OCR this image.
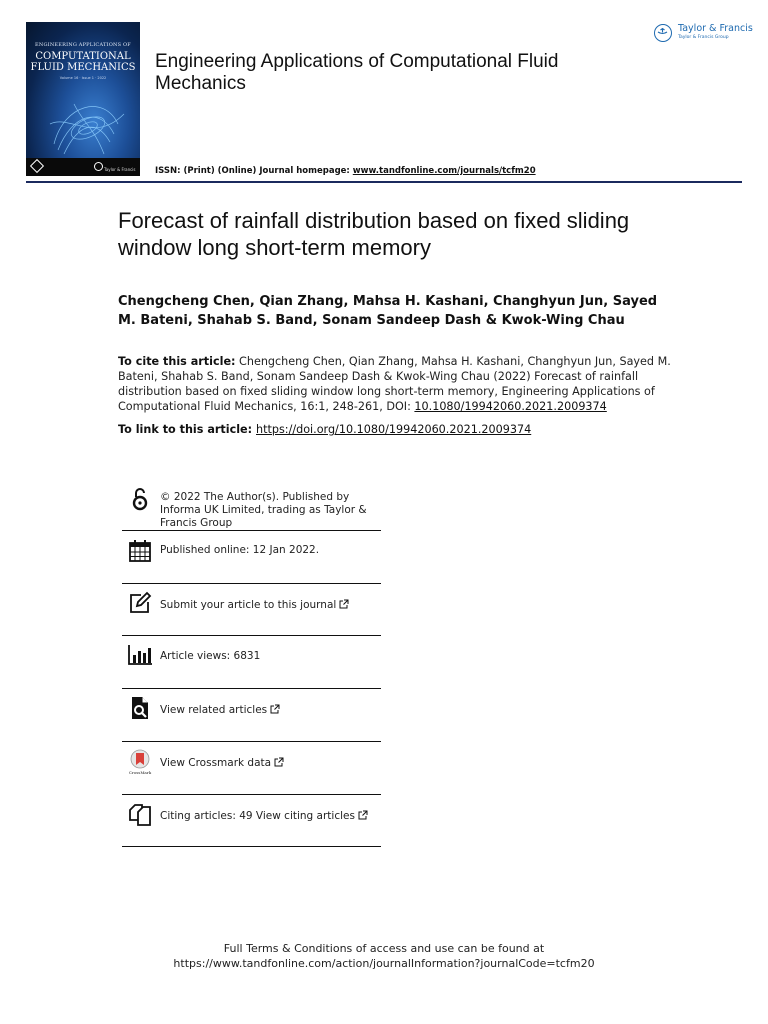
ENGINEERING APPLICATIONS OF
COMPUTATIONAL FLUID MECHANICS
Volume 16 · Issue 1 · 2022
Taylor & Francis
Engineering Applications of Computational Fluid Mechanics
ISSN: (Print) (Online) Journal homepage: www.tandfonline.com/journals/tcfm20
Taylor & Francis
Taylor & Francis Group
Forecast of rainfall distribution based on fixed sliding window long short-term memory
Chengcheng Chen, Qian Zhang, Mahsa H. Kashani, Changhyun Jun, Sayed M. Bateni, Shahab S. Band, Sonam Sandeep Dash & Kwok-Wing Chau
To cite this article: Chengcheng Chen, Qian Zhang, Mahsa H. Kashani, Changhyun Jun, Sayed M. Bateni, Shahab S. Band, Sonam Sandeep Dash & Kwok-Wing Chau (2022) Forecast of rainfall distribution based on fixed sliding window long short-term memory, Engineering Applications of Computational Fluid Mechanics, 16:1, 248-261, DOI: 10.1080/19942060.2021.2009374
To link to this article: https://doi.org/10.1080/19942060.2021.2009374
© 2022 The Author(s). Published by Informa UK Limited, trading as Taylor & Francis Group
Published online: 12 Jan 2022.
Submit your article to this journal
Article views: 6831
View related articles
CrossMark
View Crossmark data
Citing articles: 49 View citing articles
Full Terms & Conditions of access and use can be found at
https://www.tandfonline.com/action/journalInformation?journalCode=tcfm20
